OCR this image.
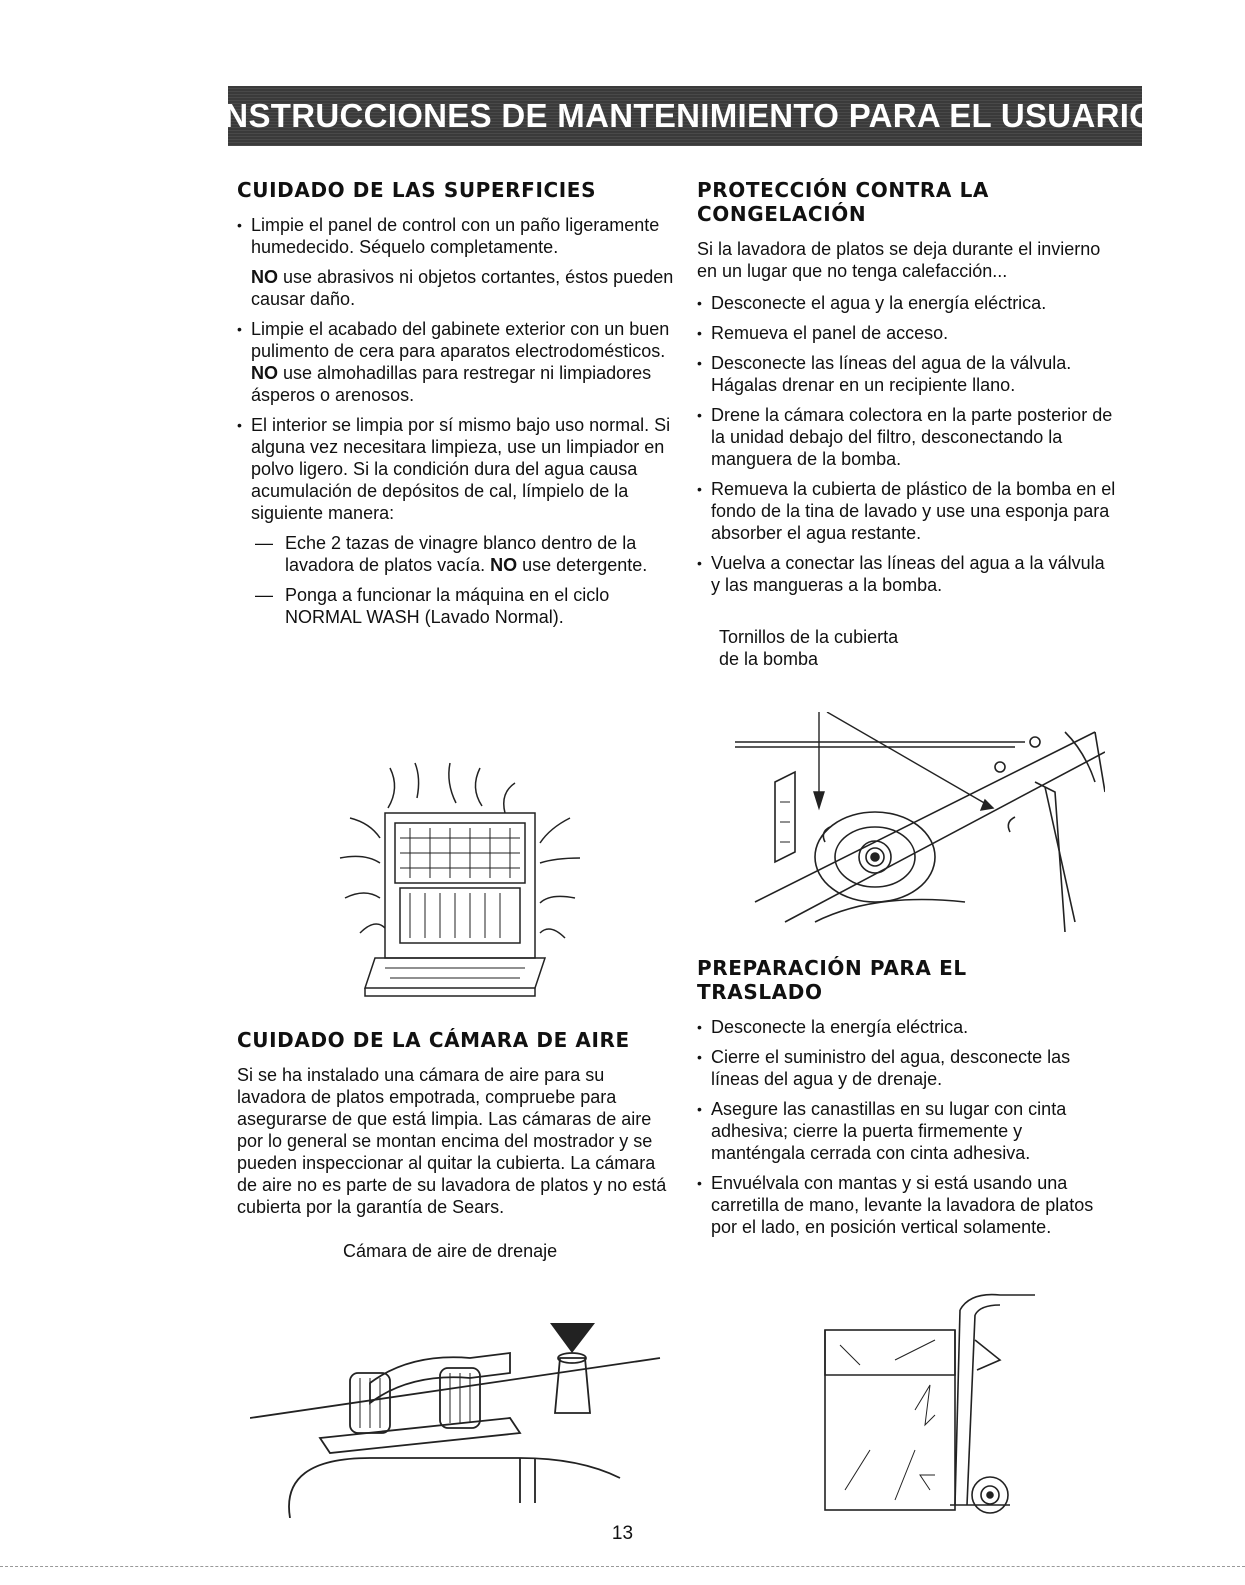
INSTRUCCIONES DE MANTENIMIENTO PARA EL USUARIO
CUIDADO DE LAS SUPERFICIES
• Limpie el panel de control con un paño ligeramente humedecido. Séquelo completamente.

NO use abrasivos ni objetos cortantes, éstos pueden causar daño.

• Limpie el acabado del gabinete exterior con un buen pulimento de cera para aparatos electrodomésticos. NO use almohadillas para restregar ni limpiadores ásperos o arenosos.
• El interior se limpia por sí mismo bajo uso normal. Si alguna vez necesitara limpieza, use un limpiador en polvo ligero. Si la condición dura del agua causa acumulación de depósitos de cal, límpielo de la siguiente manera:
— Eche 2 tazas de vinagre blanco dentro de la lavadora de platos vacía. NO use detergente.
— Ponga a funcionar la máquina en el ciclo NORMAL WASH (Lavado Normal).
CUIDADO DE LA CÁMARA DE AIRE

Si se ha instalado una cámara de aire para su lavadora de platos empotrada, compruebe para asegurarse de que está limpia. Las cámaras de aire por lo general se montan encima del mostrador y se pueden inspeccionar al quitar la cubierta. La cámara de aire no es parte de su lavadora de platos y no está cubierta por la garantía de Sears.

Cámara de aire de drenaje

PROTECCIÓN CONTRA LA
CONGELACIÓN

Si la lavadora de platos se deja durante el invierno en un lugar que no tenga calefacción...

• Desconecte el agua y la energía eléctrica.
• Remueva el panel de acceso.
• Desconecte las líneas del agua de la válvula. Hágalas drenar en un recipiente llano.
• Drene la cámara colectora en la parte posterior de la unidad debajo del filtro, desconectando la manguera de la bomba.
• Remueva la cubierta de plástico de la bomba en el fondo de la tina de lavado y use una esponja para absorber el agua restante.
• Vuelva a conectar las líneas del agua a la válvula y las mangueras a la bomba.

Tornillos de la cubierta
de la bomba

PREPARACIÓN PARA EL
TRASLADO
• Desconecte la energía eléctrica.
• Cierre el suministro del agua, desconecte las líneas del agua y de drenaje.
• Asegure las canastillas en su lugar con cinta adhesiva; cierre la puerta firmemente y manténgala cerrada con cinta adhesiva.
• Envuélvala con mantas y si está usando una carretilla de mano, levante la lavadora de platos por el lado, en posición vertical solamente.
13
